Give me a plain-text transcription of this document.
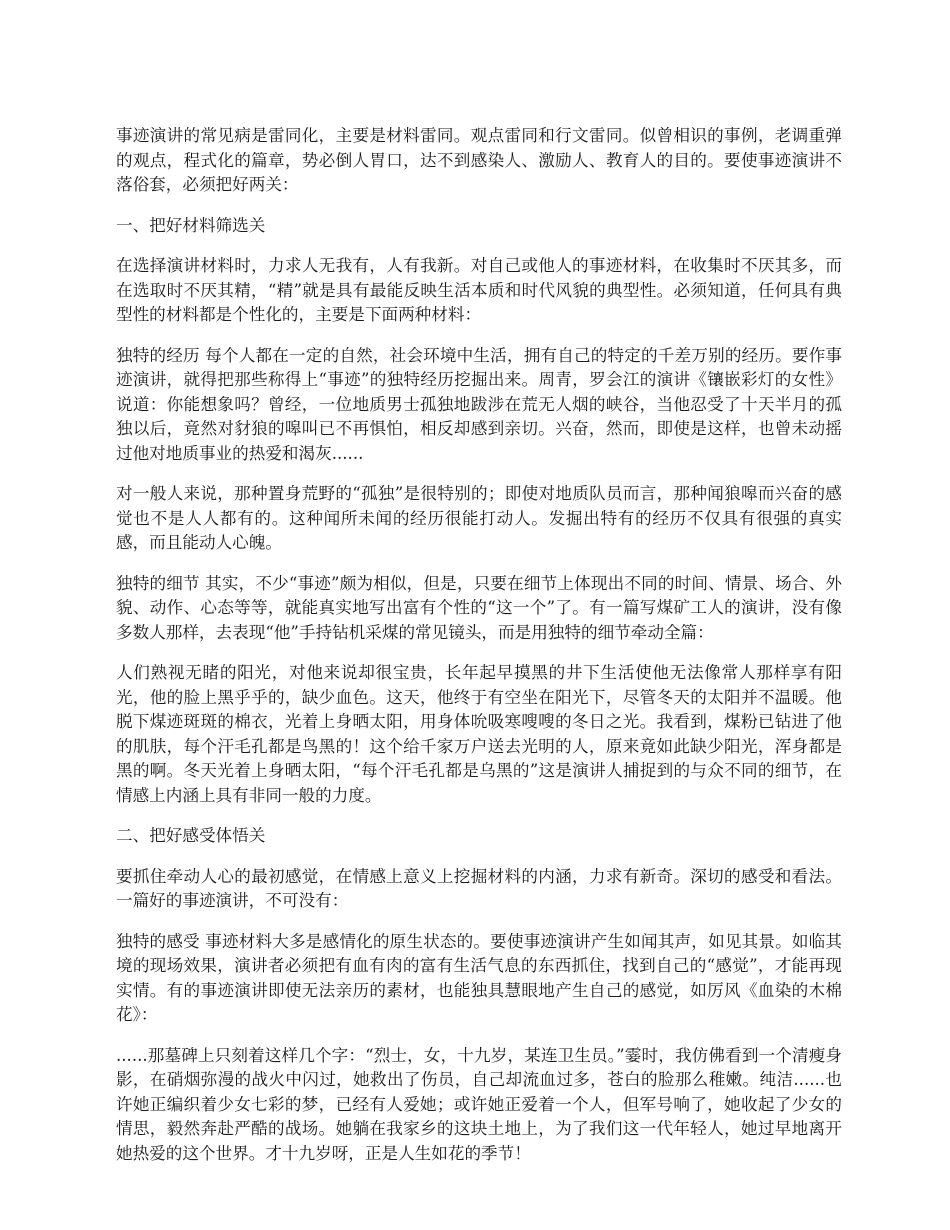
事迹演讲的常见病是雷同化，主要是材料雷同。观点雷同和行文雷同。似曾相识的事例，老调重弹的观点，程式化的篇章，势必倒人胃口，达不到感染人、激励人、教育人的目的。要使事迹演讲不落俗套，必须把好两关：

一、把好材料筛选关

在选择演讲材料时，力求人无我有，人有我新。对自己或他人的事迹材料，在收集时不厌其多，而在选取时不厌其精，“精”就是具有最能反映生活本质和时代风貌的典型性。必须知道，任何具有典型性的材料都是个性化的，主要是下面两种材料：

独特的经历 每个人都在一定的自然，社会环境中生活，拥有自己的特定的千差万别的经历。要作事迹演讲，就得把那些称得上“事迹”的独特经历挖掘出来。周青，罗会江的演讲《镶嵌彩灯的女性》说道：你能想象吗？曾经，一位地质男士孤独地跋涉在荒无人烟的峡谷，当他忍受了十天半月的孤独以后，竟然对豺狼的嗥叫已不再惧怕，相反却感到亲切。兴奋，然而，即使是这样，也曾未动摇过他对地质事业的热爱和渴灰......

对一般人来说，那种置身荒野的“孤独”是很特别的；即使对地质队员而言，那种闻狼嗥而兴奋的感觉也不是人人都有的。这种闻所未闻的经历很能打动人。发掘出特有的经历不仅具有很强的真实感，而且能动人心魄。

独特的细节 其实，不少“事迹”颇为相似，但是，只要在细节上体现出不同的时间、情景、场合、外貌、动作、心态等等，就能真实地写出富有个性的“这一个”了。有一篇写煤矿工人的演讲，没有像多数人那样，去表现“他”手持钻机采煤的常见镜头，而是用独特的细节牵动全篇：

人们熟视无睹的阳光，对他来说却很宝贵，长年起早摸黑的井下生活使他无法像常人那样享有阳光，他的脸上黑乎乎的，缺少血色。这天，他终于有空坐在阳光下，尽管冬天的太阳并不温暖。他脱下煤迹斑斑的棉衣，光着上身晒太阳，用身体吮吸寒嗖嗖的冬日之光。我看到，煤粉已钻进了他的肌肤，每个汗毛孔都是鸟黑的！这个给千家万户送去光明的人，原来竟如此缺少阳光，浑身都是黑的啊。冬天光着上身晒太阳，“每个汗毛孔都是乌黑的”这是演讲人捕捉到的与众不同的细节，在情感上内涵上具有非同一般的力度。

二、把好感受体悟关

要抓住牵动人心的最初感觉，在情感上意义上挖掘材料的内涵，力求有新奇。深切的感受和看法。一篇好的事迹演讲，不可没有：

独特的感受 事迹材料大多是感情化的原生状态的。要使事迹演讲产生如闻其声，如见其景。如临其境的现场效果，演讲者必须把有血有肉的富有生活气息的东西抓住，找到自己的“感觉”，才能再现实情。有的事迹演讲即使无法亲历的素材，也能独具慧眼地产生自己的感觉，如厉风《血染的木棉花》：

......那墓碑上只刻着这样几个字：“烈士，女，十九岁，某连卫生员。”霎时，我仿佛看到一个清瘦身影，在硝烟弥漫的战火中闪过，她救出了伤员，自己却流血过多，苍白的脸那么稚嫩。纯洁......也许她正编织着少女七彩的梦，已经有人爱她；或许她正爱着一个人，但军号响了，她收起了少女的情思，毅然奔赴严酷的战场。她躺在我家乡的这块土地上，为了我们这一代年轻人，她过早地离开她热爱的这个世界。才十九岁呀，正是人生如花的季节！
